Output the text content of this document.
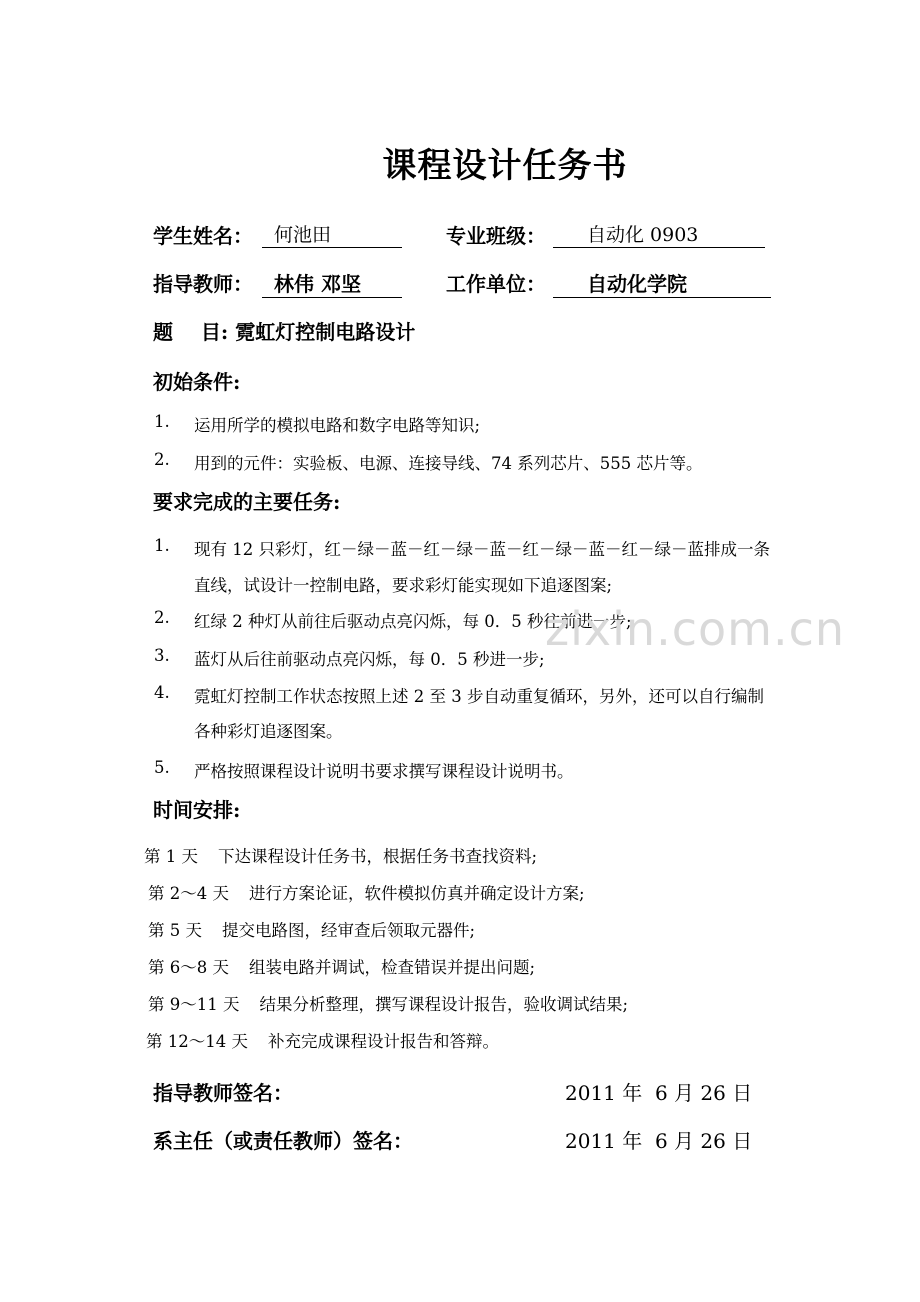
课程设计任务书
学生姓名：	何池田	专业班级：	自动化 0903
指导教师：	林伟 邓坚	工作单位：	自动化学院
题    目: 霓虹灯控制电路设计
初始条件:
1. 运用所学的模拟电路和数字电路等知识;
2. 用到的元件：实验板、电源、连接导线、74 系列芯片、555 芯片等。
要求完成的主要任务:
1. 现有 12 只彩灯，红－绿－蓝－红－绿－蓝－红－绿－蓝－红－绿－蓝排成一条
直线，试设计一控制电路，要求彩灯能实现如下追逐图案;
2. 红绿 2 种灯从前往后驱动点亮闪烁，每 0．5 秒往前进一步;
3. 蓝灯从后往前驱动点亮闪烁，每 0．5 秒进一步;
4. 霓虹灯控制工作状态按照上述 2 至 3 步自动重复循环，另外，还可以自行编制
各种彩灯追逐图案。
5. 严格按照课程设计说明书要求撰写课程设计说明书。
时间安排:
第 1 天 下达课程设计任务书，根据任务书查找资料;
第 2～4 天 进行方案论证，软件模拟仿真并确定设计方案;
第 5 天 提交电路图，经审查后领取元器件;
第 6～8 天 组装电路并调试，检查错误并提出问题;
第 9～11 天 结果分析整理，撰写课程设计报告，验收调试结果;
第 12～14 天 补充完成课程设计报告和答辩。
指导教师签名：	2011 年  6 月 26 日
系主任（或责任教师）签名：	2011 年  6 月 26 日
zixin.com.cn
